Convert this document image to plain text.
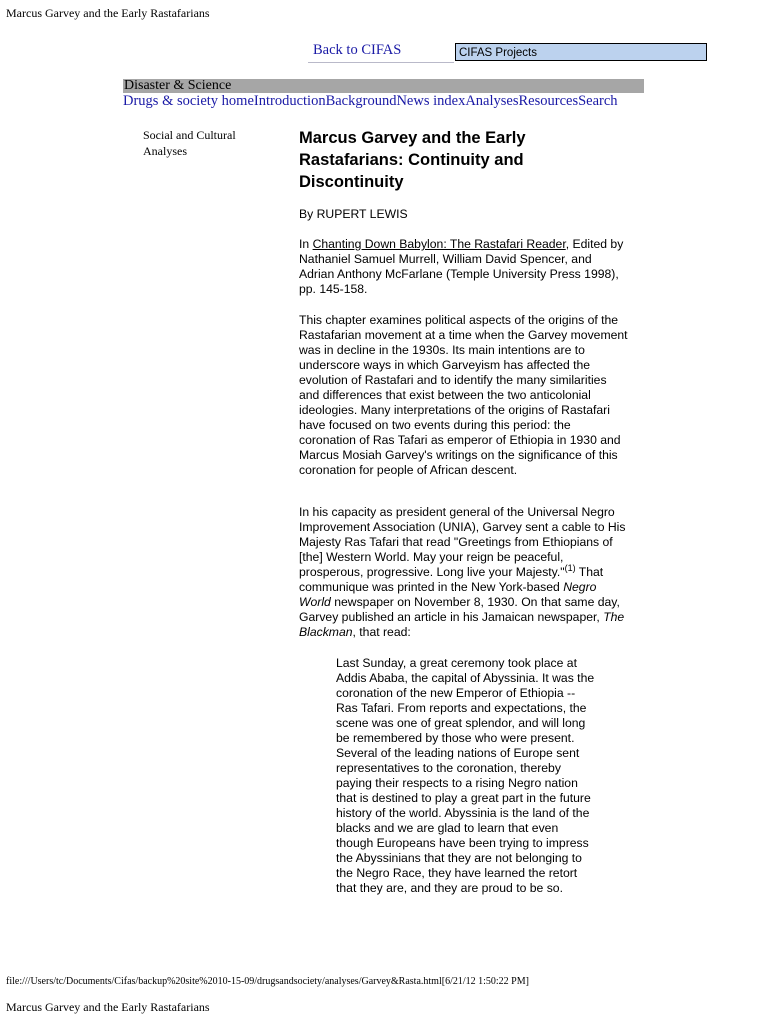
Marcus Garvey and the Early Rastafarians
Back to CIFAS	CIFAS Projects
Disaster & Science
Drugs & society homeIntroductionBackgroundNews indexAnalysesResourcesSearch
Social and Cultural Analyses
Marcus Garvey and the Early Rastafarians: Continuity and Discontinuity
By RUPERT LEWIS
In Chanting Down Babylon: The Rastafari Reader, Edited by Nathaniel Samuel Murrell, William David Spencer, and Adrian Anthony McFarlane (Temple University Press 1998), pp. 145-158.
This chapter examines political aspects of the origins of the Rastafarian movement at a time when the Garvey movement was in decline in the 1930s. Its main intentions are to underscore ways in which Garveyism has affected the evolution of Rastafari and to identify the many similarities and differences that exist between the two anticolonial ideologies. Many interpretations of the origins of Rastafari have focused on two events during this period: the coronation of Ras Tafari as emperor of Ethiopia in 1930 and Marcus Mosiah Garvey's writings on the significance of this coronation for people of African descent.
In his capacity as president general of the Universal Negro Improvement Association (UNIA), Garvey sent a cable to His Majesty Ras Tafari that read "Greetings from Ethiopians of [the] Western World. May your reign be peaceful, prosperous, progressive. Long live your Majesty."$^{(1)}$ That communique was printed in the New York-based Negro World newspaper on November 8, 1930. On that same day, Garvey published an article in his Jamaican newspaper, The Blackman, that read:
Last Sunday, a great ceremony took place at Addis Ababa, the capital of Abyssinia. It was the coronation of the new Emperor of Ethiopia -- Ras Tafari. From reports and expectations, the scene was one of great splendor, and will long be remembered by those who were present. Several of the leading nations of Europe sent representatives to the coronation, thereby paying their respects to a rising Negro nation that is destined to play a great part in the future history of the world. Abyssinia is the land of the blacks and we are glad to learn that even though Europeans have been trying to impress the Abyssinians that they are not belonging to the Negro Race, they have learned the retort that they are, and they are proud to be so.
file:///Users/tc/Documents/Cifas/backup%20site%2010-15-09/drugsandsociety/analyses/Garvey&Rasta.html[6/21/12 1:50:22 PM]
Marcus Garvey and the Early Rastafarians
